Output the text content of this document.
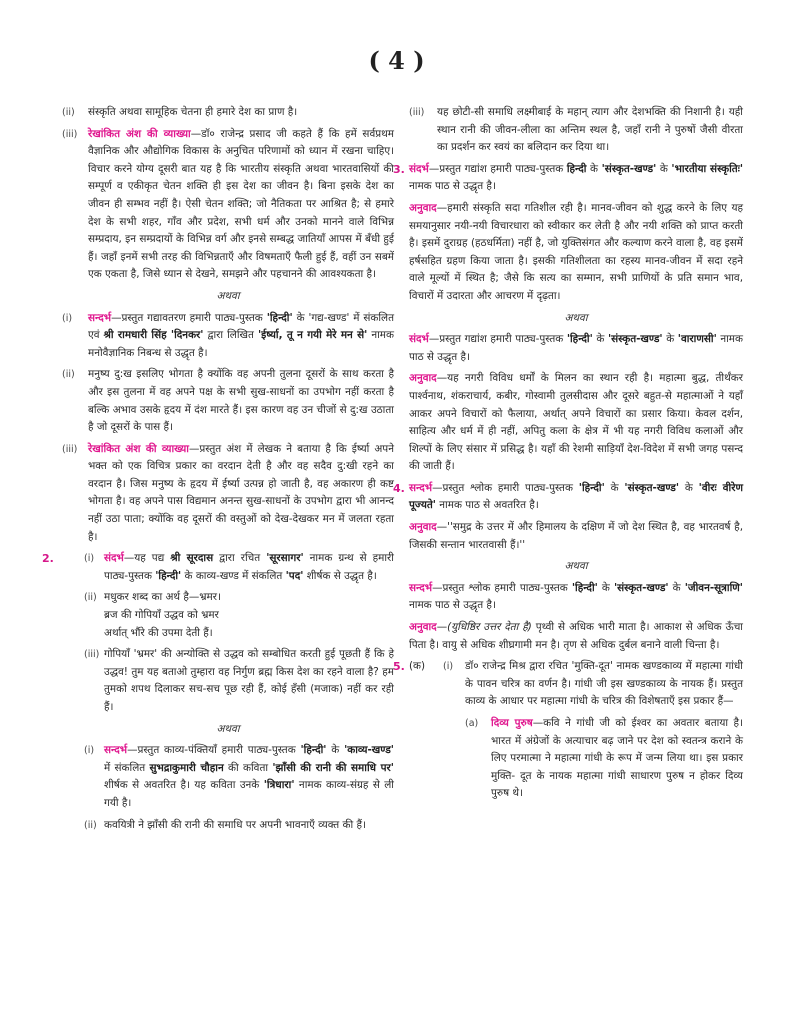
( 4 )
(ii) संस्कृति अथवा सामूहिक चेतना ही हमारे देश का प्राण है।
(iii) रेखांकित अंश की व्याख्या—डॉ० राजेन्द्र प्रसाद जी कहते हैं कि हमें सर्वप्रथम वैज्ञानिक और औद्योगिक विकास के अनुचित परिणामों को ध्यान में रखना चाहिए। विचार करने योग्य दूसरी बात यह है कि भारतीय संस्कृति अथवा भारतवासियों की सम्पूर्ण व एकीकृत चेतन शक्ति ही इस देश का जीवन है। बिना इसके देश का जीवन ही सम्भव नहीं है। ऐसी चेतन शक्ति; जो नैतिकता पर आश्रित है; से हमारे देश के सभी शहर, गाँव और प्रदेश, सभी धर्म और उनको मानने वाले विभिन्न सम्प्रदाय, इन सम्प्रदायों के विभिन्न वर्ग और इनसे सम्बद्ध जातियाँ आपस में बँधी हुई हैं। जहाँ इनमें सभी तरह की विभिन्नताएँ और विषमताएँ फैली हुई हैं, वहीं उन सबमें एक एकता है, जिसे ध्यान से देखने, समझने और पहचानने की आवश्यकता है।
अथवा
(i) सन्दर्भ—प्रस्तुत गद्यावतरण हमारी पाठ्य-पुस्तक 'हिन्दी' के 'गद्य-खण्ड' में संकलित एवं श्री रामधारी सिंह 'दिनकर' द्वारा लिखित 'ईर्ष्या, तू न गयी मेरे मन से' नामक मनोवैज्ञानिक निबन्ध से उद्धृत है।
(ii) मनुष्य दु:ख इसलिए भोगता है क्योंकि वह अपनी तुलना दूसरों के साथ करता है और इस तुलना में वह अपने पक्ष के सभी सुख-साधनों का उपभोग नहीं करता है बल्कि अभाव उसके हृदय में दंश मारते हैं। इस कारण वह उन चीजों से दु:ख उठाता है जो दूसरों के पास हैं।
(iii) रेखांकित अंश की व्याख्या—प्रस्तुत अंश में लेखक ने बताया है कि ईर्ष्या अपने भक्त को एक विचित्र प्रकार का वरदान देती है और वह सदैव दु:खी रहने का वरदान है। जिस मनुष्य के हृदय में ईर्ष्या उत्पन्न हो जाती है, वह अकारण ही कष्ट भोगता है। वह अपने पास विद्यमान अनन्त सुख-साधनों के उपभोग द्वारा भी आनन्द नहीं उठा पाता; क्योंकि वह दूसरों की वस्तुओं को देख-देखकर मन में जलता रहता है।
2.	(i) संदर्भ—यह पद्य श्री सूरदास द्वारा रचित 'सूरसागर' नामक ग्रन्थ से हमारी पाठ्य-पुस्तक 'हिन्दी' के काव्य-खण्ड में संकलित 'पद' शीर्षक से उद्धृत है।
(ii) मधुकर शब्द का अर्थ है—भ्रमर।
ब्रज की गोपियाँ उद्धव को भ्रमर
अर्थात् भौंरे की उपमा देती हैं।
(iii) गोपियाँ 'भ्रमर' की अन्योक्ति से उद्धव को सम्बोधित करती हुई पूछती हैं कि हे उद्धव! तुम यह बताओ तुम्हारा वह निर्गुण ब्रह्म किस देश का रहने वाला है? हम तुमको शपथ दिलाकर सच-सच पूछ रही हैं, कोई हँसी (मजाक) नहीं कर रही हैं।
अथवा
(i) सन्दर्भ—प्रस्तुत काव्य-पंक्तियाँ हमारी पाठ्य-पुस्तक 'हिन्दी' के 'काव्य-खण्ड' में संकलित सुभद्राकुमारी चौहान की कविता 'झाँसी की रानी की समाधि पर' शीर्षक से अवतरित है। यह कविता उनके 'त्रिधारा' नामक काव्य-संग्रह से ली गयी है।
(ii) कवयित्री ने झाँसी की रानी की समाधि पर अपनी भावनाएँ व्यक्त की हैं।
(iii) यह छोटी-सी समाधि लक्ष्मीबाई के महान् त्याग और देशभक्ति की निशानी है। यही स्थान रानी की जीवन-लीला का अन्तिम स्थल है, जहाँ रानी ने पुरुषों जैसी वीरता का प्रदर्शन कर स्वयं का बलिदान कर दिया था।
3. संदर्भ—प्रस्तुत गद्यांश हमारी पाठ्य-पुस्तक हिन्दी के 'संस्कृत-खण्ड' के 'भारतीया संस्कृतिः' नामक पाठ से उद्धृत है।
अनुवाद—हमारी संस्कृति सदा गतिशील रही है। मानव-जीवन को शुद्ध करने के लिए यह समयानुसार नयी-नयी विचारधारा को स्वीकार कर लेती है और नयी शक्ति को प्राप्त करती है। इसमें दुराग्रह (हठधर्मिता) नहीं है, जो युक्तिसंगत और कल्याण करने वाला है, वह इसमें हर्षसहित ग्रहण किया जाता है। इसकी गतिशीलता का रहस्य मानव-जीवन में सदा रहने वाले मूल्यों में स्थित है; जैसे कि सत्य का सम्मान, सभी प्राणियों के प्रति समान भाव, विचारों में उदारता और आचरण में दृढ़ता।
अथवा
संदर्भ—प्रस्तुत गद्यांश हमारी पाठ्य-पुस्तक 'हिन्दी' के 'संस्कृत-खण्ड' के 'वाराणसी' नामक पाठ से उद्धृत है।
अनुवाद—यह नगरी विविध धर्मों के मिलन का स्थान रही है। महात्मा बुद्ध, तीर्थंकर पार्श्वनाथ, शंकराचार्य, कबीर, गोस्वामी तुलसीदास और दूसरे बहुत-से महात्माओं ने यहाँ आकर अपने विचारों को फैलाया, अर्थात् अपने विचारों का प्रसार किया। केवल दर्शन, साहित्य और धर्म में ही नहीं, अपितु कला के क्षेत्र में भी यह नगरी विविध कलाओं और शिल्पों के लिए संसार में प्रसिद्ध है। यहाँ की रेशमी साड़ियाँ देश-विदेश में सभी जगह पसन्द की जाती हैं।
4. सन्दर्भ—प्रस्तुत श्लोक हमारी पाठ्य-पुस्तक 'हिन्दी' के 'संस्कृत-खण्ड' के 'वीरः वीरेण पूज्यते' नामक पाठ से अवतरित है।
अनुवाद—''समुद्र के उत्तर में और हिमालय के दक्षिण में जो देश स्थित है, वह भारतवर्ष है, जिसकी सन्तान भारतवासी हैं।''
अथवा
सन्दर्भ—प्रस्तुत श्लोक हमारी पाठ्य-पुस्तक 'हिन्दी' के 'संस्कृत-खण्ड' के 'जीवन-सूत्राणि' नामक पाठ से उद्धृत है।
अनुवाद—(युधिष्ठिर उत्तर देता है) पृथ्वी से अधिक भारी माता है। आकाश से अधिक ऊँचा पिता है। वायु से अधिक शीघ्रगामी मन है। तृण से अधिक दुर्बल बनाने वाली चिन्ता है।
5. (क) (i) डॉ० राजेन्द्र मिश्र द्वारा रचित 'मुक्ति-दूत' नामक खण्डकाव्य में महात्मा गांधी के पावन चरित्र का वर्णन है। गांधी जी इस खण्डकाव्य के नायक हैं। प्रस्तुत काव्य के आधार पर महात्मा गांधी के चरित्र की विशेषताएँ इस प्रकार हैं—
(a) दिव्य पुरुष—कवि ने गांधी जी को ईश्वर का अवतार बताया है। भारत में अंग्रेजों के अत्याचार बढ़ जाने पर देश को स्वतन्त्र कराने के लिए परमात्मा ने महात्मा गांधी के रूप में जन्म लिया था। इस प्रकार मुक्ति- दूत के नायक महात्मा गांधी साधारण पुरुष न होकर दिव्य पुरुष थे।
